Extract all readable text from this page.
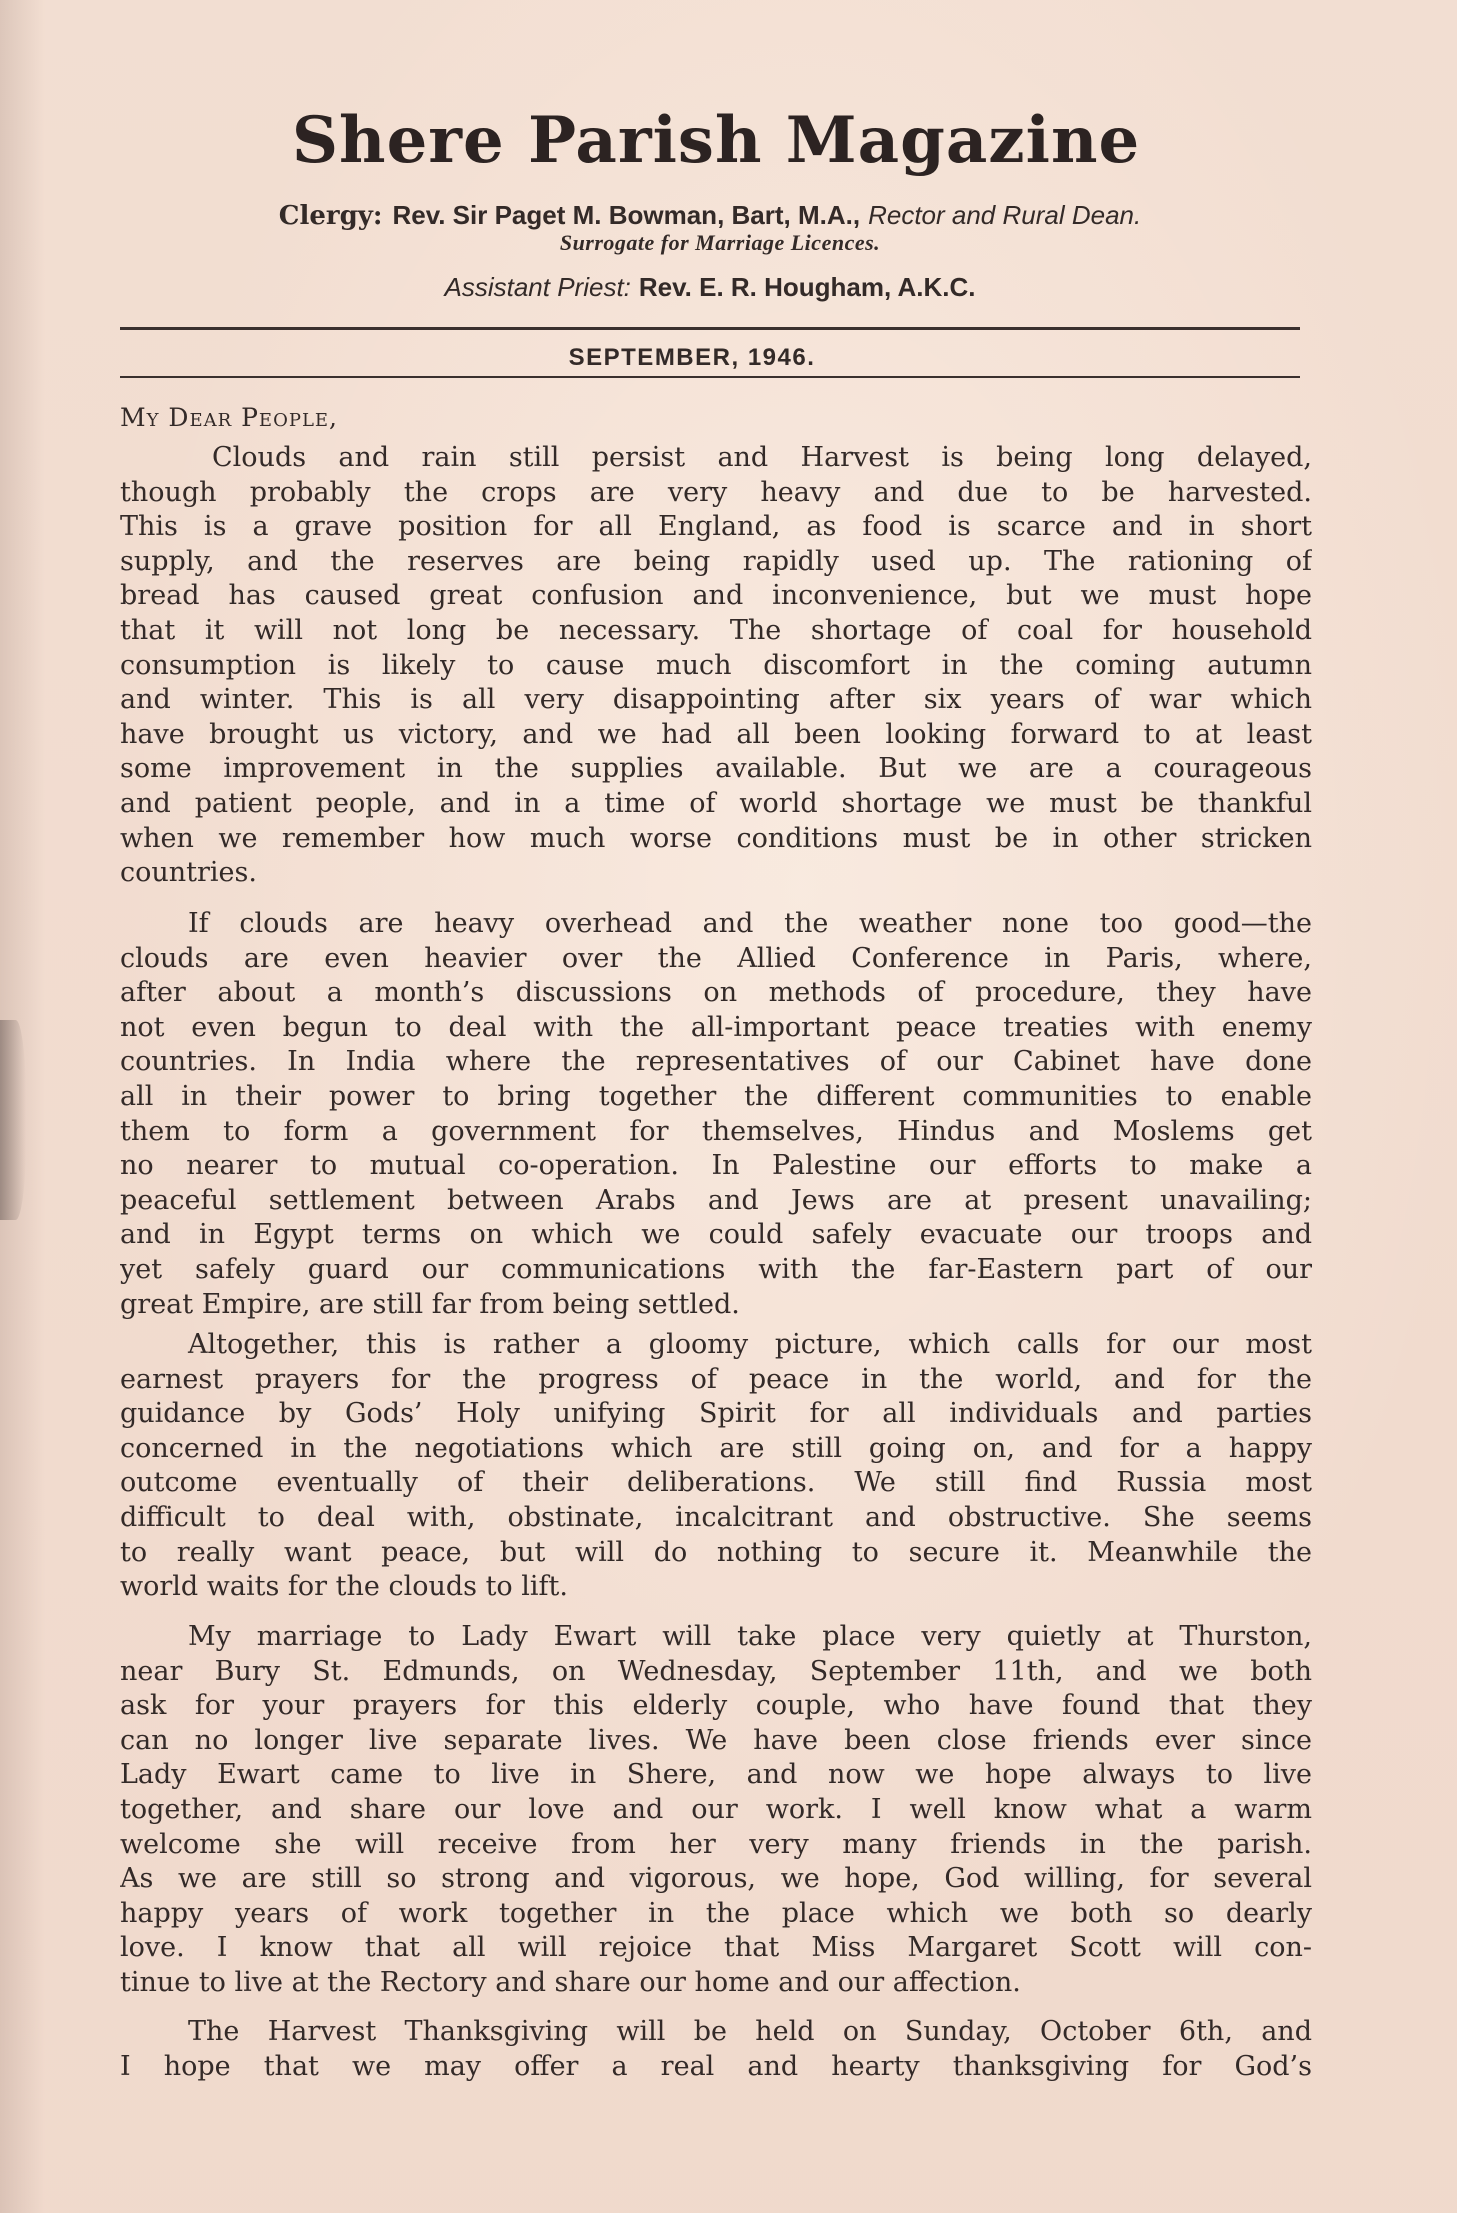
Shere Parish Magazine
Clergy: Rev. Sir Paget M. Bowman, Bart, M.A., Rector and Rural Dean.
Surrogate for Marriage Licences.
Assistant Priest: Rev. E. R. Hougham, A.K.C.
SEPTEMBER, 1946.
My Dear People,
Clouds and rain still persist and Harvest is being long delayed,
though probably the crops are very heavy and due to be harvested.
This is a grave position for all England, as food is scarce and in short
supply, and the reserves are being rapidly used up. The rationing of
bread has caused great confusion and inconvenience, but we must hope
that it will not long be necessary. The shortage of coal for household
consumption is likely to cause much discomfort in the coming autumn
and winter. This is all very disappointing after six years of war which
have brought us victory, and we had all been looking forward to at least
some improvement in the supplies available. But we are a courageous
and patient people, and in a time of world shortage we must be thankful
when we remember how much worse conditions must be in other stricken
countries.
If clouds are heavy overhead and the weather none too good—the
clouds are even heavier over the Allied Conference in Paris, where,
after about a month’s discussions on methods of procedure, they have
not even begun to deal with the all-important peace treaties with enemy
countries. In India where the representatives of our Cabinet have done
all in their power to bring together the different communities to enable
them to form a government for themselves, Hindus and Moslems get
no nearer to mutual co-operation. In Palestine our efforts to make a
peaceful settlement between Arabs and Jews are at present unavailing;
and in Egypt terms on which we could safely evacuate our troops and
yet safely guard our communications with the far-Eastern part of our
great Empire, are still far from being settled.
Altogether, this is rather a gloomy picture, which calls for our most
earnest prayers for the progress of peace in the world, and for the
guidance by Gods’ Holy unifying Spirit for all individuals and parties
concerned in the negotiations which are still going on, and for a happy
outcome eventually of their deliberations. We still find Russia most
difficult to deal with, obstinate, incalcitrant and obstructive. She seems
to really want peace, but will do nothing to secure it. Meanwhile the
world waits for the clouds to lift.
My marriage to Lady Ewart will take place very quietly at Thurston,
near Bury St. Edmunds, on Wednesday, September 11th, and we both
ask for your prayers for this elderly couple, who have found that they
can no longer live separate lives. We have been close friends ever since
Lady Ewart came to live in Shere, and now we hope always to live
together, and share our love and our work. I well know what a warm
welcome she will receive from her very many friends in the parish.
As we are still so strong and vigorous, we hope, God willing, for several
happy years of work together in the place which we both so dearly
love. I know that all will rejoice that Miss Margaret Scott will con-
tinue to live at the Rectory and share our home and our affection.
The Harvest Thanksgiving will be held on Sunday, October 6th, and
I hope that we may offer a real and hearty thanksgiving for God’s
